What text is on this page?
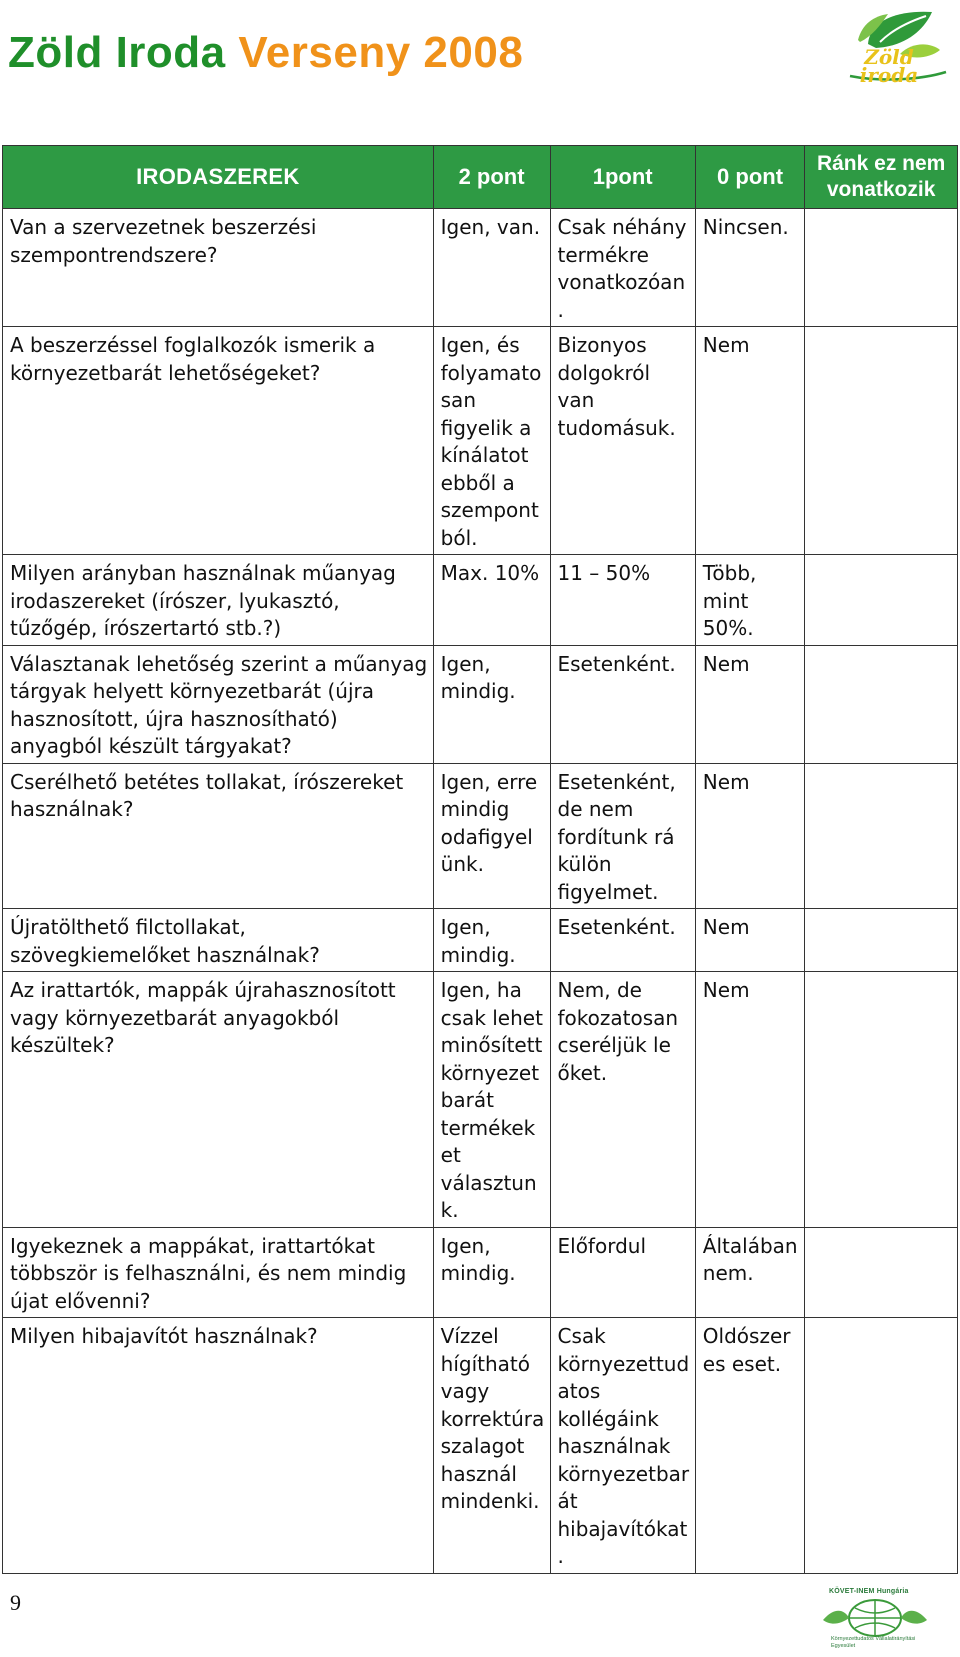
Zöld Iroda Verseny 2008	Zöld
iroda
IRODASZEREK	2 pont	1pont	0 pont	Ránk ez nem vonatkozik
Van a szervezetnek beszerzési szempontrendszere?	Igen, van.	Csak néhány termékre vonatkozóan.	Nincsen.	
A beszerzéssel foglalkozók ismerik a környezetbarát lehetőségeket?	Igen, és folyamatosan figyelik a kínálatot ebből a szempontból.	Bizonyos dolgokról van tudomásuk.	Nem	
Milyen arányban használnak műanyag irodaszereket (írószer, lyukasztó, tűzőgép, írószertartó stb.?)	Max. 10%	11 – 50%	Több, mint 50%.	
Választanak lehetőség szerint a műanyag tárgyak helyett környezetbarát (újra hasznosított, újra hasznosítható) anyagból készült tárgyakat?	Igen, mindig.	Esetenként.	Nem	
Cserélhető betétes tollakat, írószereket használnak?	Igen, erre mindig odafigyelünk.	Esetenként, de nem fordítunk rá külön figyelmet.	Nem	
Újratölthető filctollakat, szövegkiemelőket használnak?	Igen, mindig.	Esetenként.	Nem	
Az irattartók, mappák újrahasznosított vagy környezetbarát anyagokból készültek?	Igen, ha csak lehet minősített környezetbarát termékeket választunk.	Nem, de fokozatosan cseréljük le őket.	Nem	
Igyekeznek a mappákat, irattartókat többször is felhasználni, és nem mindig újat elővenni?	Igen, mindig.	Előfordul	Általában nem.	
Milyen hibajavítót használnak?	Vízzel hígítható vagy korrektúra szalagot használ mindenki.	Csak környezettudatos kollégáink használnak környezetbarát hibajavítókat.	Oldószeres eset.	
9	KÖVET-INEM Hungária
Környezettudatos Vállalatirányítási Egyesület
